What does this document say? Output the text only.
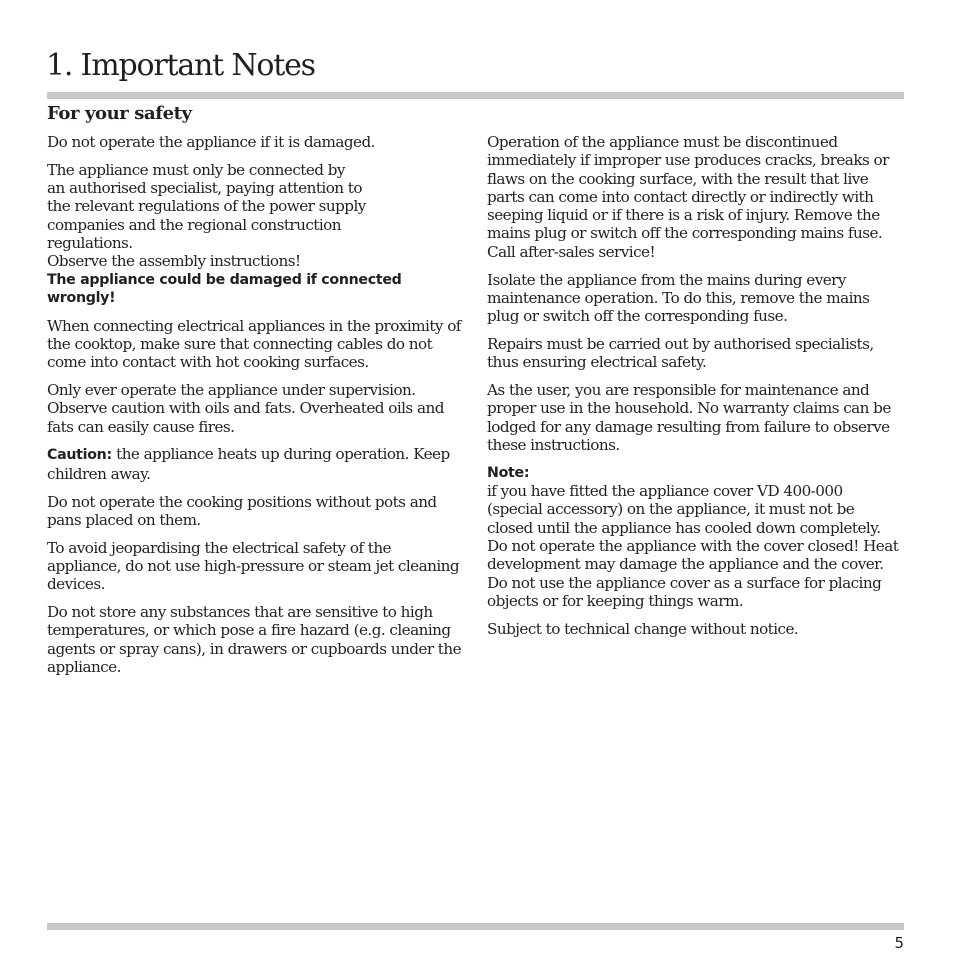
1. Important Notes
For your safety

Do not operate the appliance if it is damaged.

The appliance must only be connected by
an authorised specialist, paying attention to
the relevant regulations of the power supply
companies and the regional construction
regulations.
Observe the assembly instructions!
The appliance could be damaged if connected wrongly!

When connecting electrical appliances in the proximity of the cooktop, make sure that connecting cables do not come into contact with hot cooking surfaces.

Only ever operate the appliance under supervision. Observe caution with oils and fats. Overheated oils and fats can easily cause fires.

Caution: the appliance heats up during operation. Keep children away.

Do not operate the cooking positions without pots and pans placed on them.

To avoid jeopardising the electrical safety of the appliance, do not use high-pressure or steam jet cleaning devices.

Do not store any substances that are sensitive to high temperatures, or which pose a fire hazard (e.g. cleaning agents or spray cans), in drawers or cupboards under the appliance.

Operation of the appliance must be discontinued immediately if improper use produces cracks, breaks or flaws on the cooking surface, with the result that live parts can come into contact directly or indirectly with seeping liquid or if there is a risk of injury. Remove the mains plug or switch off the corresponding mains fuse. Call after-sales service!

Isolate the appliance from the mains during every maintenance operation. To do this, remove the mains plug or switch off the corresponding fuse.

Repairs must be carried out by authorised specialists, thus ensuring electrical safety.

As the user, you are responsible for maintenance and proper use in the household. No warranty claims can be lodged for any damage resulting from failure to observe these instructions.

Note:
if you have fitted the appliance cover VD 400-000 (special accessory) on the appliance, it must not be closed until the appliance has cooled down completely. Do not operate the appliance with the cover closed! Heat development may damage the appliance and the cover. Do not use the appliance cover as a surface for placing objects or for keeping things warm.

Subject to technical change without notice.

5
